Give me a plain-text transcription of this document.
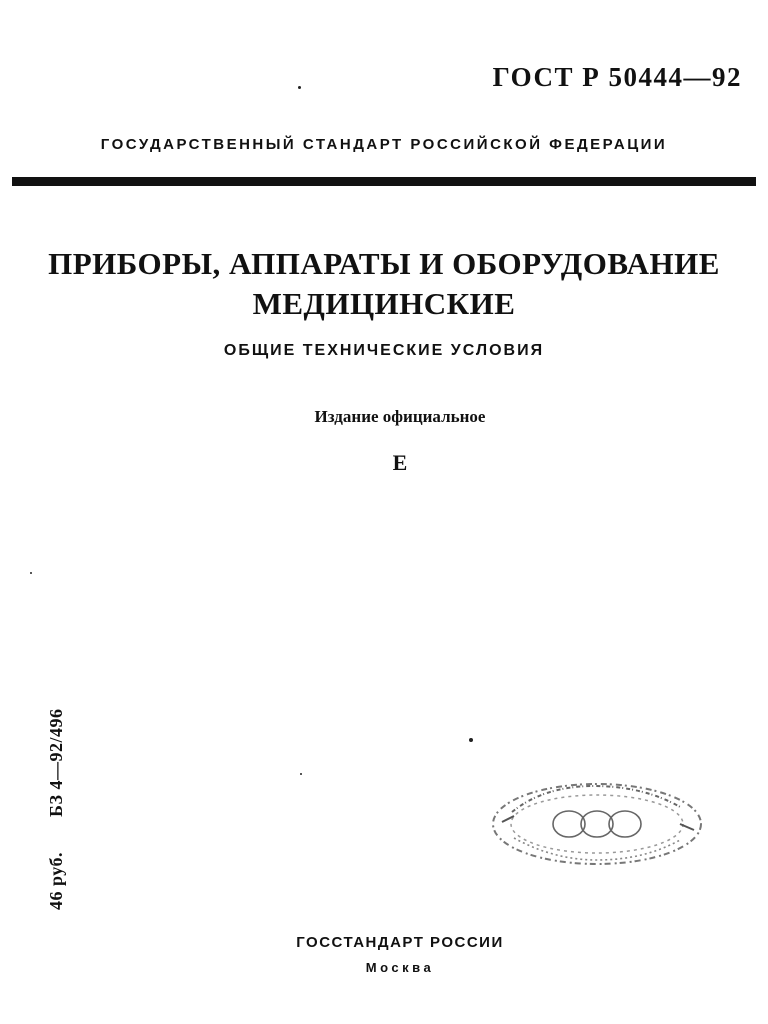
ГОСТ Р 50444—92
ГОСУДАРСТВЕННЫЙ СТАНДАРТ РОССИЙСКОЙ ФЕДЕРАЦИИ
ПРИБОРЫ, АППАРАТЫ И ОБОРУДОВАНИЕ
МЕДИЦИНСКИЕ
ОБЩИЕ ТЕХНИЧЕСКИЕ УСЛОВИЯ
Издание официальное
Е
46 руб. БЗ 4—92/496
ГОССТАНДАРТ РОССИИ
Москва
